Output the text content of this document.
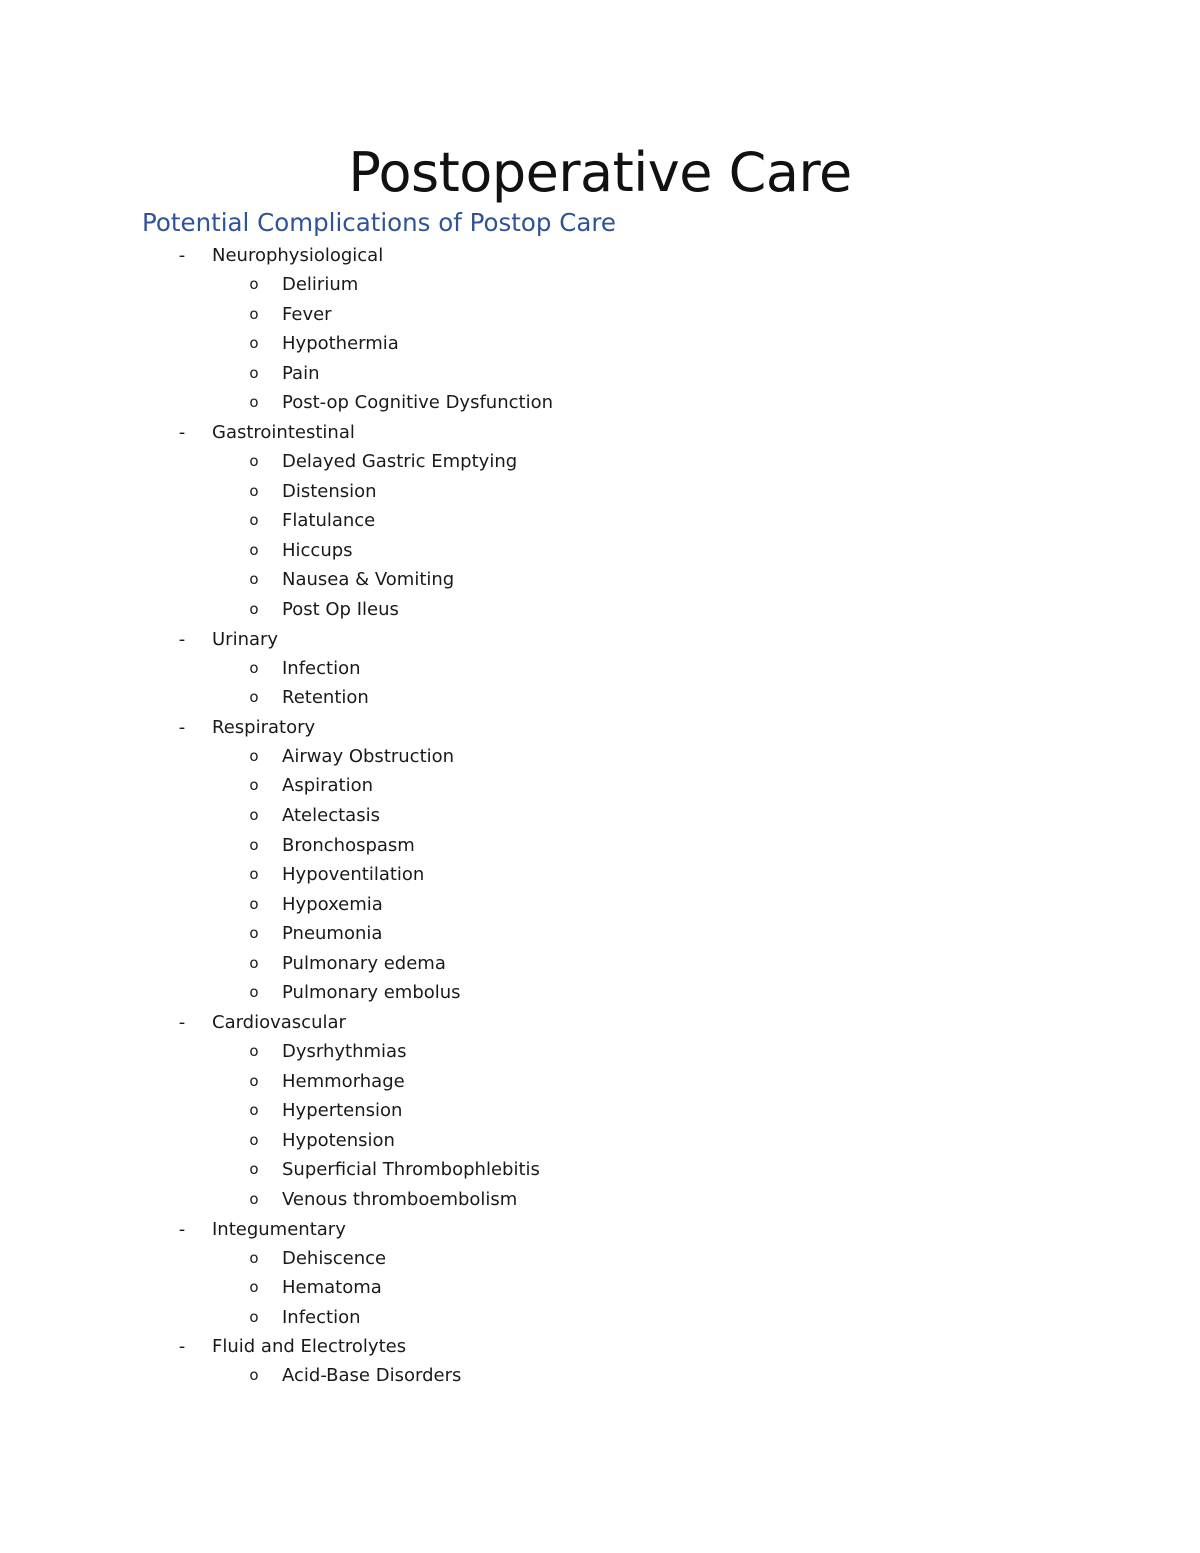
Postoperative Care
Potential Complications of Postop Care
- Neurophysiological
o Delirium
o Fever
o Hypothermia
o Pain
o Post-op Cognitive Dysfunction
- Gastrointestinal
o Delayed Gastric Emptying
o Distension
o Flatulance
o Hiccups
o Nausea & Vomiting
o Post Op Ileus
- Urinary
o Infection
o Retention
- Respiratory
o Airway Obstruction
o Aspiration
o Atelectasis
o Bronchospasm
o Hypoventilation
o Hypoxemia
o Pneumonia
o Pulmonary edema
o Pulmonary embolus
- Cardiovascular
o Dysrhythmias
o Hemmorhage
o Hypertension
o Hypotension
o Superficial Thrombophlebitis
o Venous thromboembolism
- Integumentary
o Dehiscence
o Hematoma
o Infection
- Fluid and Electrolytes
o Acid-Base Disorders
